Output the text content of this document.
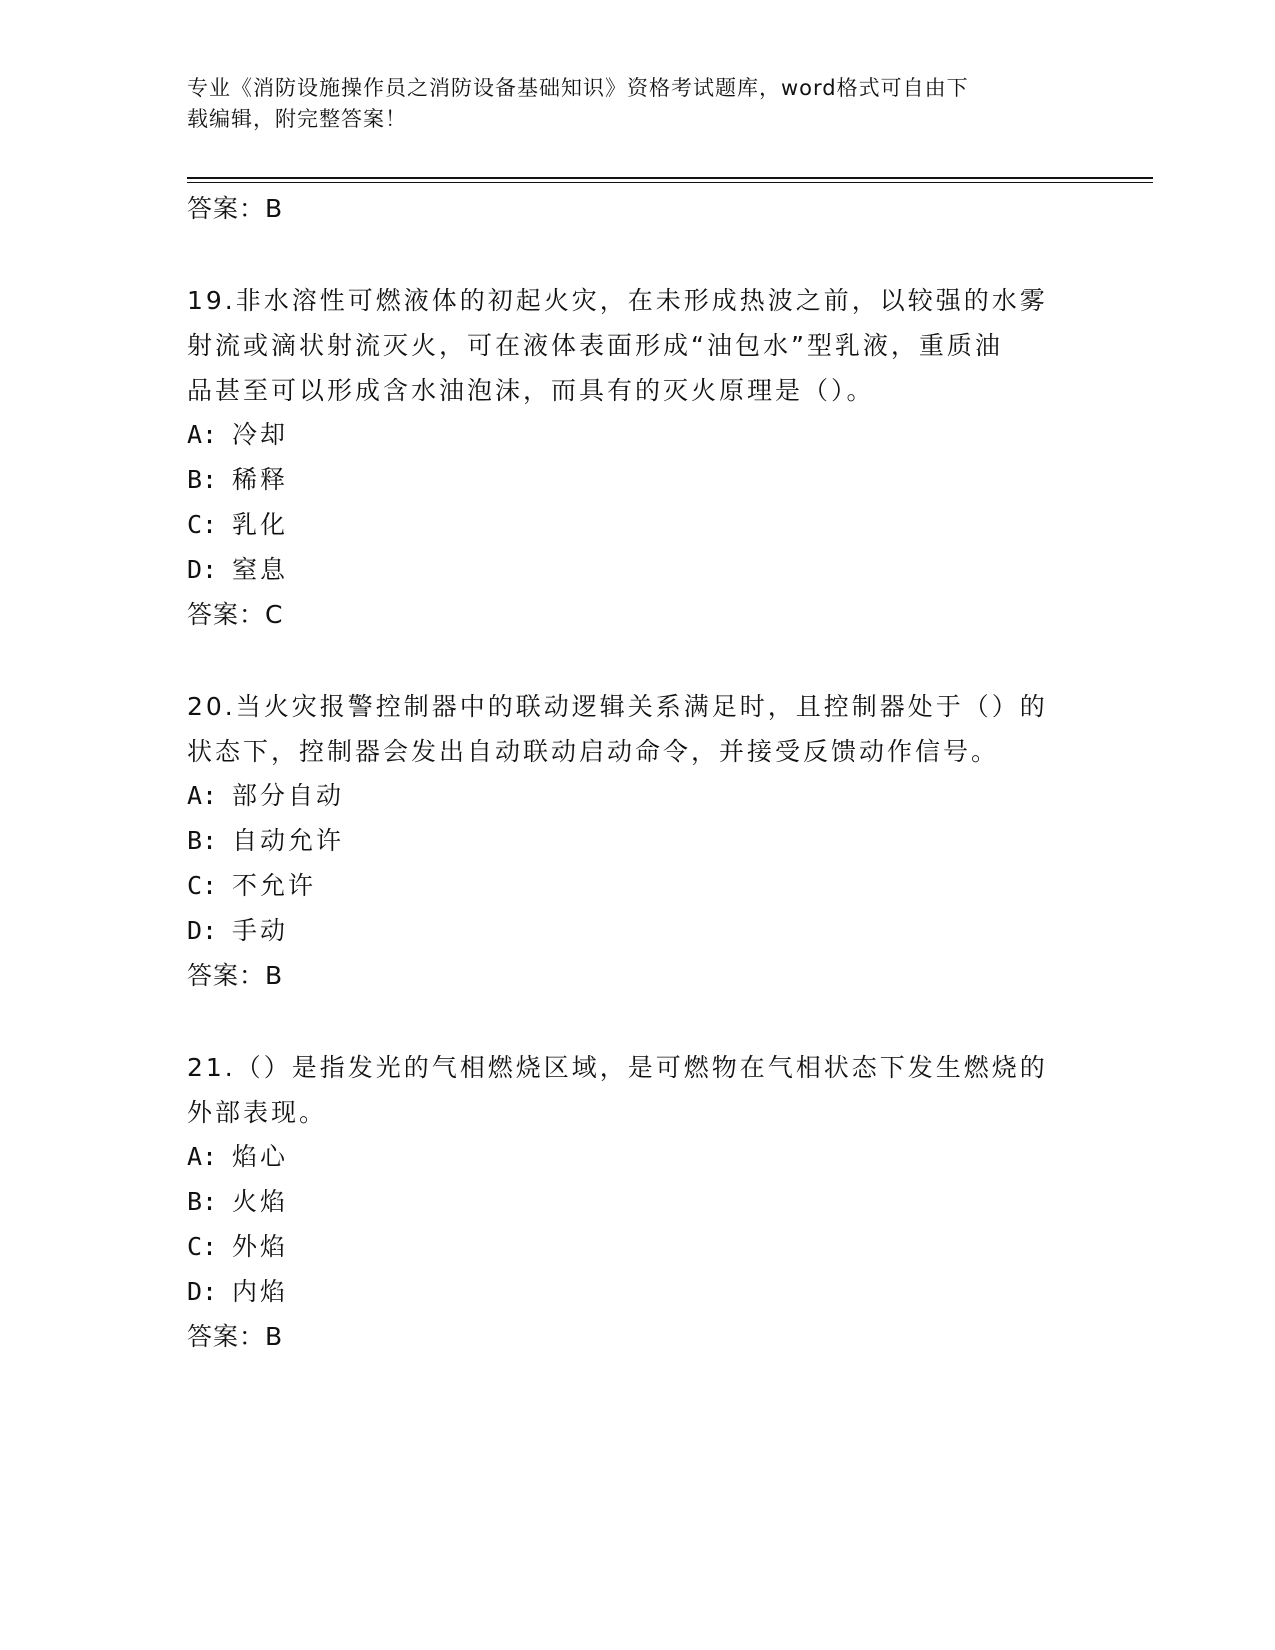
专业《消防设施操作员之消防设备基础知识》资格考试题库，word格式可自由下
载编辑，附完整答案！
答案：B
19.非水溶性可燃液体的初起火灾，在未形成热波之前，以较强的水雾
射流或滴状射流灭火，可在液体表面形成“油包水”型乳液，重质油
品甚至可以形成含水油泡沫，而具有的灭火原理是（）。
A: 冷却
B: 稀释
C: 乳化
D: 窒息
答案：C
20.当火灾报警控制器中的联动逻辑关系满足时，且控制器处于（）的
状态下，控制器会发出自动联动启动命令，并接受反馈动作信号。
A: 部分自动
B: 自动允许
C: 不允许
D: 手动
答案：B
21.（）是指发光的气相燃烧区域，是可燃物在气相状态下发生燃烧的
外部表现。
A: 焰心
B: 火焰
C: 外焰
D: 内焰
答案：B
